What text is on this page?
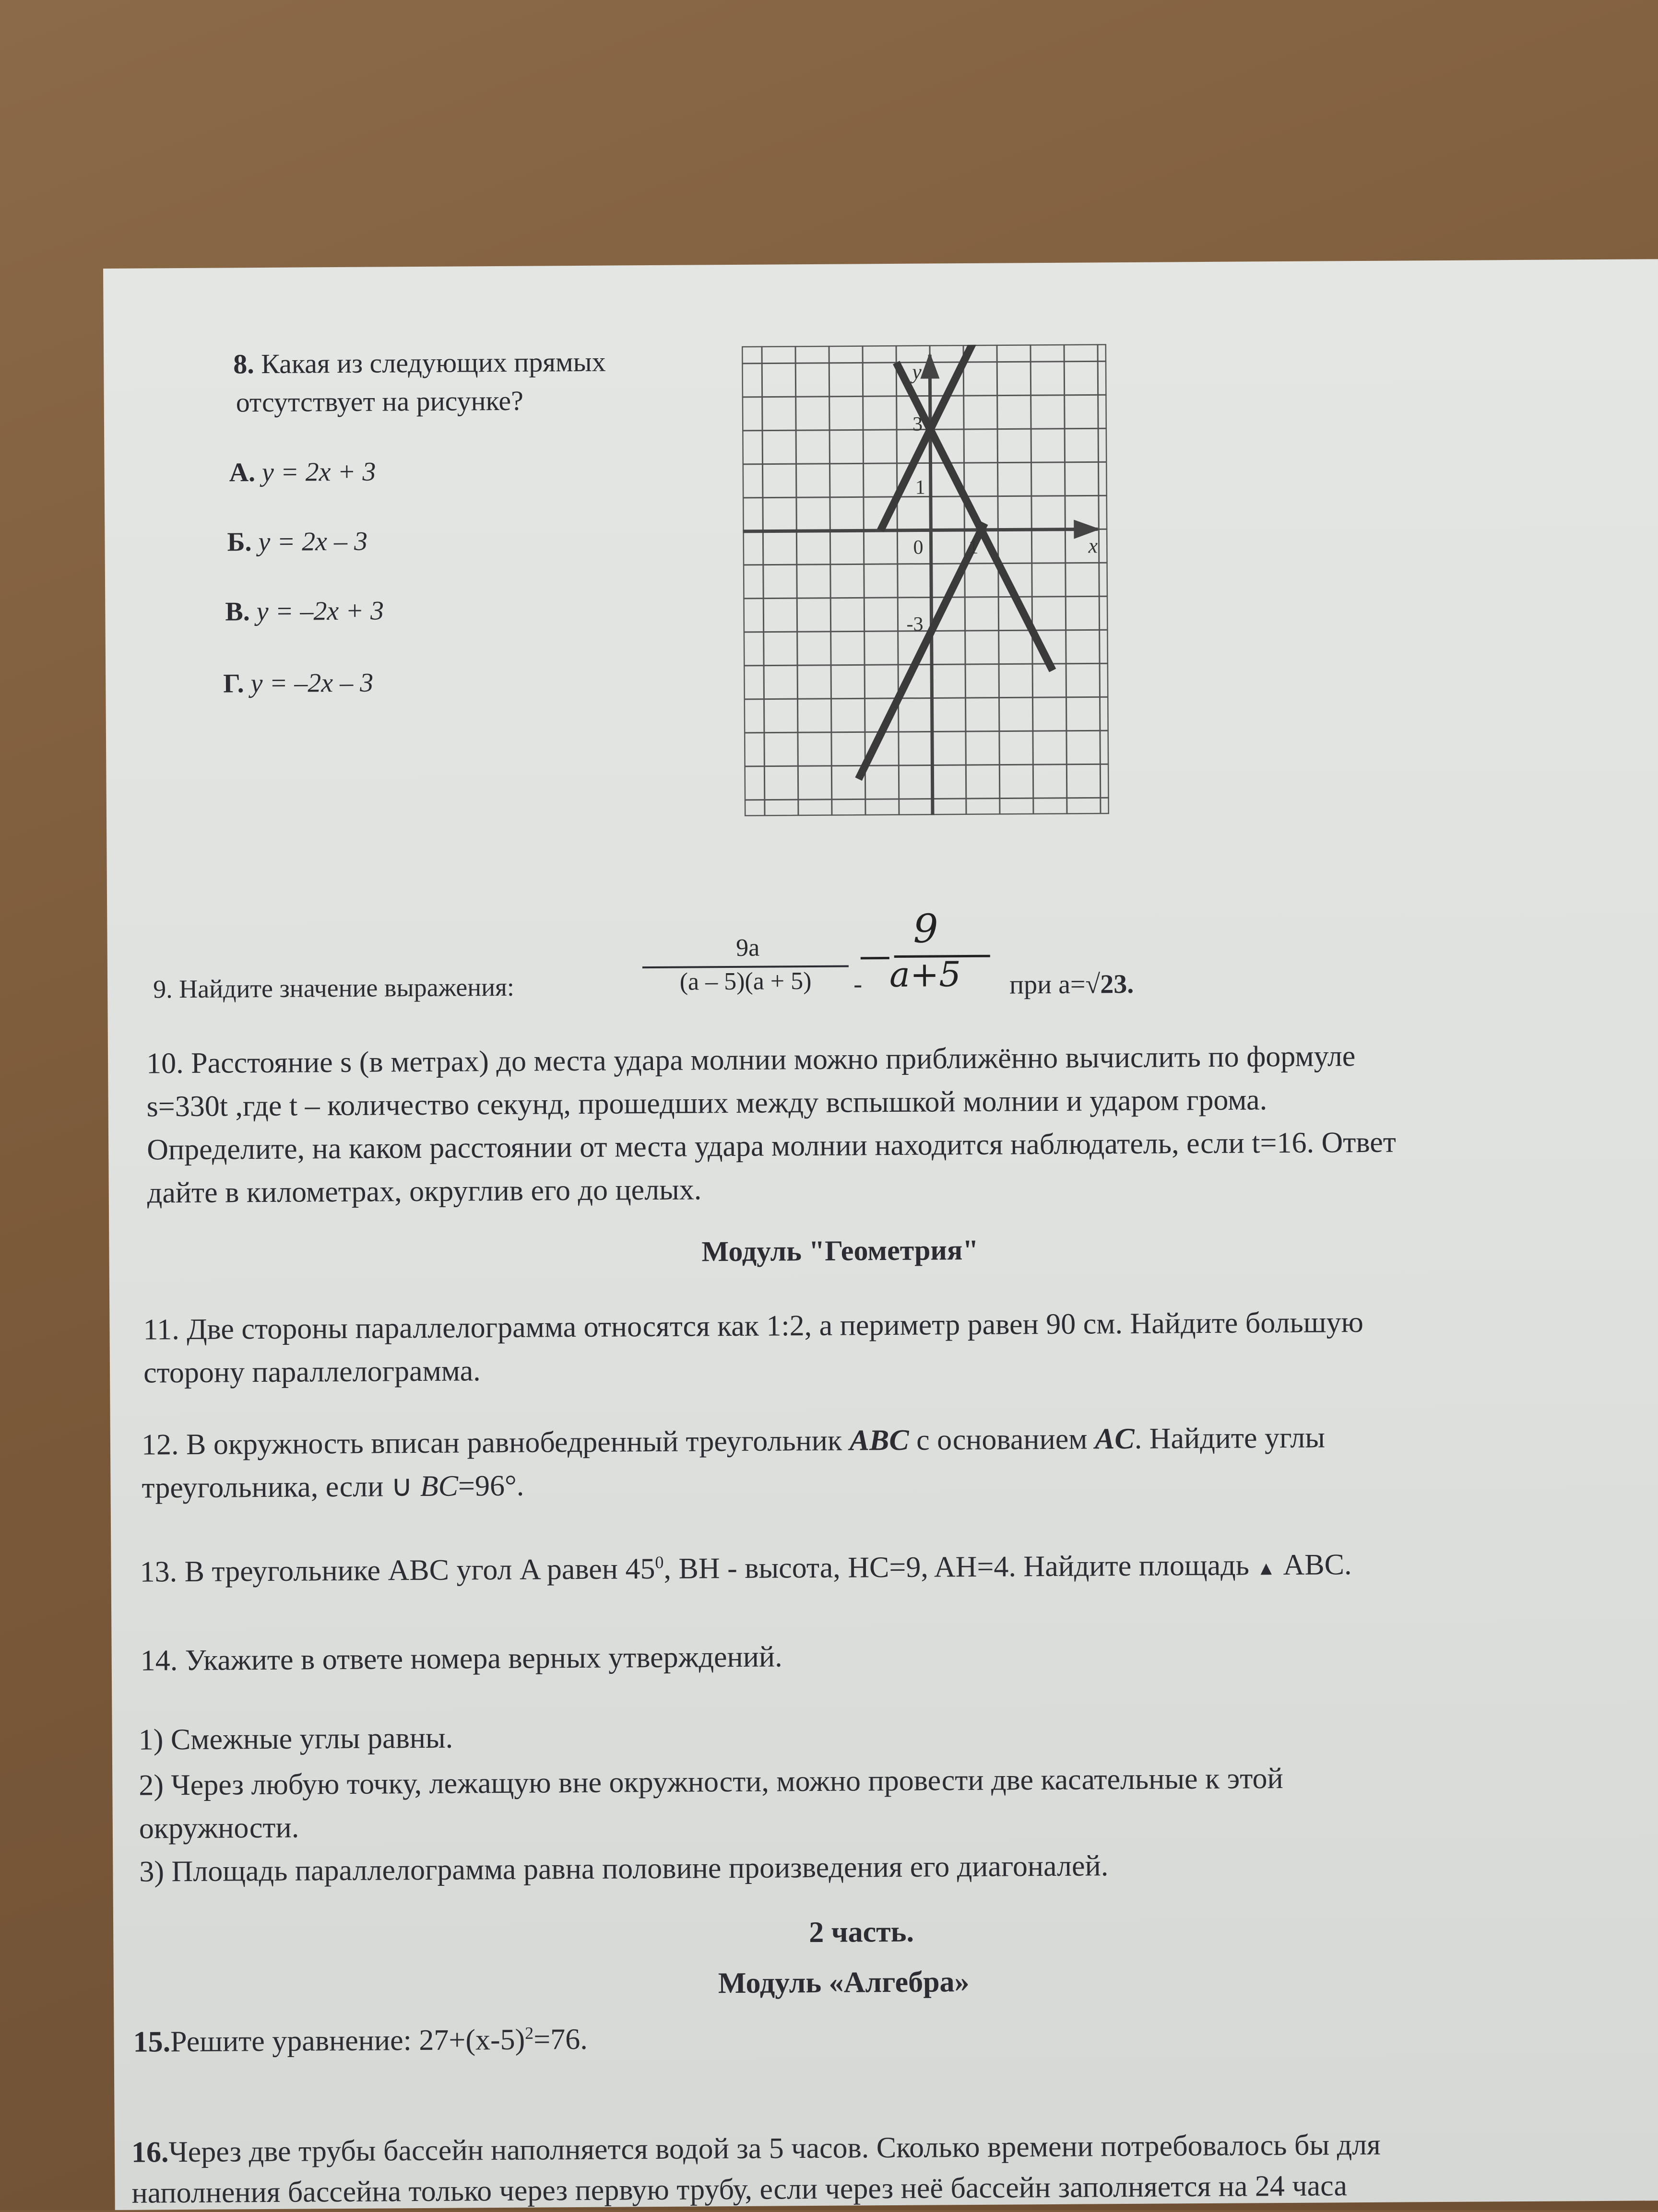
8. Какая из следующих прямых
отсутствует на рисунке?
А. y = 2x + 3
Б. y = 2x – 3
В. y = –2x + 3
Г. y = –2x – 3
y
x
3
1
0 1
-3
9. Найдите значение выражения:
9a
(a – 5)(a + 5)	-
9
a+5 при a=√23.
10. Расстояние s (в метрах) до места удара молнии можно приближённо вычислить по формуле
s=330t ,где t – количество секунд, прошедших между вспышкой молнии и ударом грома.
Определите, на каком расстоянии от места удара молнии находится наблюдатель, если t=16. Ответ
дайте в километрах, округлив его до целых.
Модуль "Геометрия"
11. Две стороны параллелограмма относятся как 1:2, а периметр равен 90 см. Найдите большую
сторону параллелограмма.
12. В окружность вписан равнобедренный треугольник ABC с основанием AC. Найдите углы
треугольника, если ∪ BC=96°.
13. В треугольнике ABC угол A равен $45^0$, BH - высота, HC=9, AH=4. Найдите площадь ▲ ABC.
14. Укажите в ответе номера верных утверждений.
1) Смежные углы равны.
2) Через любую точку, лежащую вне окружности, можно провести две касательные к этой
окружности.
3) Площадь параллелограмма равна половине произведения его диагоналей.
2 часть.
Модуль «Алгебра»
15.Решите уравнение: $27+(x-5)^2=76$.
16.Через две трубы бассейн наполняется водой за 5 часов. Сколько времени потребовалось бы для
наполнения бассейна только через первую трубу, если через неё бассейн заполняется на 24 часа
